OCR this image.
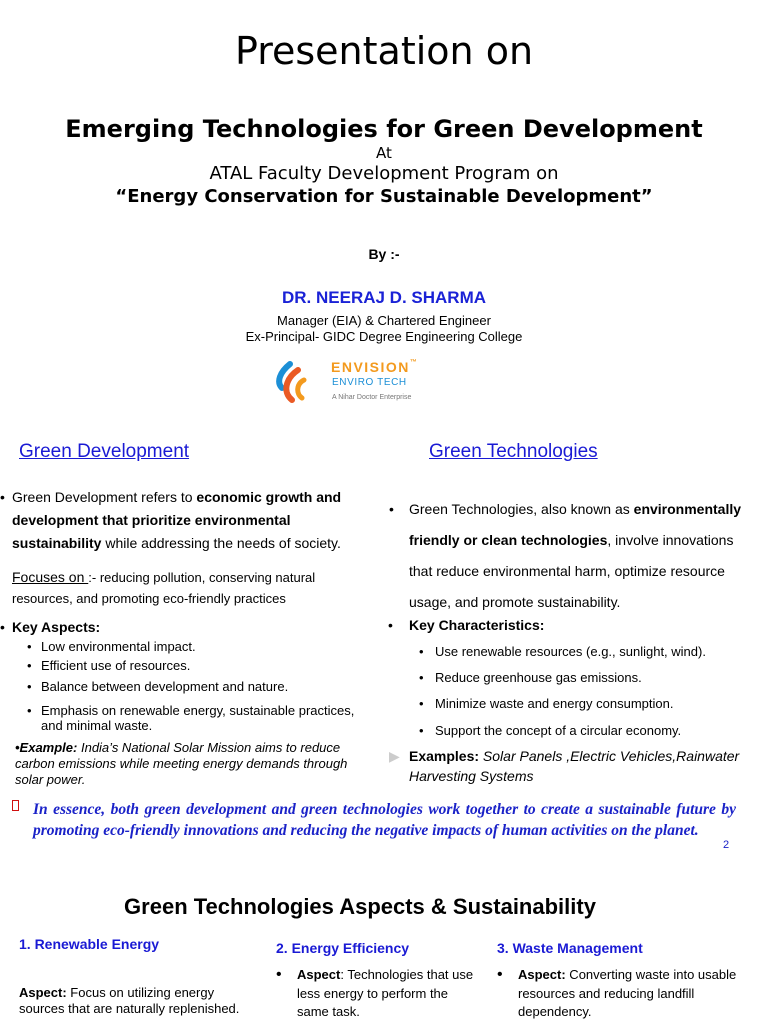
Presentation on
Emerging Technologies for Green Development
At
ATAL Faculty Development Program on
“Energy Conservation for Sustainable Development”
By :-
DR. NEERAJ D. SHARMA
Manager (EIA) & Chartered Engineer
Ex-Principal- GIDC Degree Engineering College
ENVISION™
ENVIRO TECH
A Nihar Doctor Enterprise
Green Development	Green Technologies
• Green Development refers to economic growth and development that prioritize environmental sustainability while addressing the needs of society.
Focuses on :- reducing pollution, conserving natural resources, and promoting eco-friendly practices
• Key Aspects:
• Low environmental impact.
• Efficient use of resources.
• Balance between development and nature.
• Emphasis on renewable energy, sustainable practices, and minimal waste.
•Example: India’s National Solar Mission aims to reduce carbon emissions while meeting energy demands through solar power.
• Green Technologies, also known as environmentally friendly or clean technologies, involve innovations that reduce environmental harm, optimize resource usage, and promote sustainability.
• Key Characteristics:
• Use renewable resources (e.g., sunlight, wind).
• Reduce greenhouse gas emissions.
• Minimize waste and energy consumption.
• Support the concept of a circular economy.
▶ Examples: Solar Panels ,Electric Vehicles,Rainwater Harvesting Systems
In essence, both green development and green technologies work together to create a sustainable future by promoting eco-friendly innovations and reducing the negative impacts of human activities on the planet.
2
Green Technologies Aspects & Sustainability
1. Renewable Energy
Aspect: Focus on utilizing energy sources that are naturally replenished.
2. Energy Efficiency
• Aspect: Technologies that use less energy to perform the same task.
3. Waste Management
• Aspect: Converting waste into usable resources and reducing landfill dependency.
